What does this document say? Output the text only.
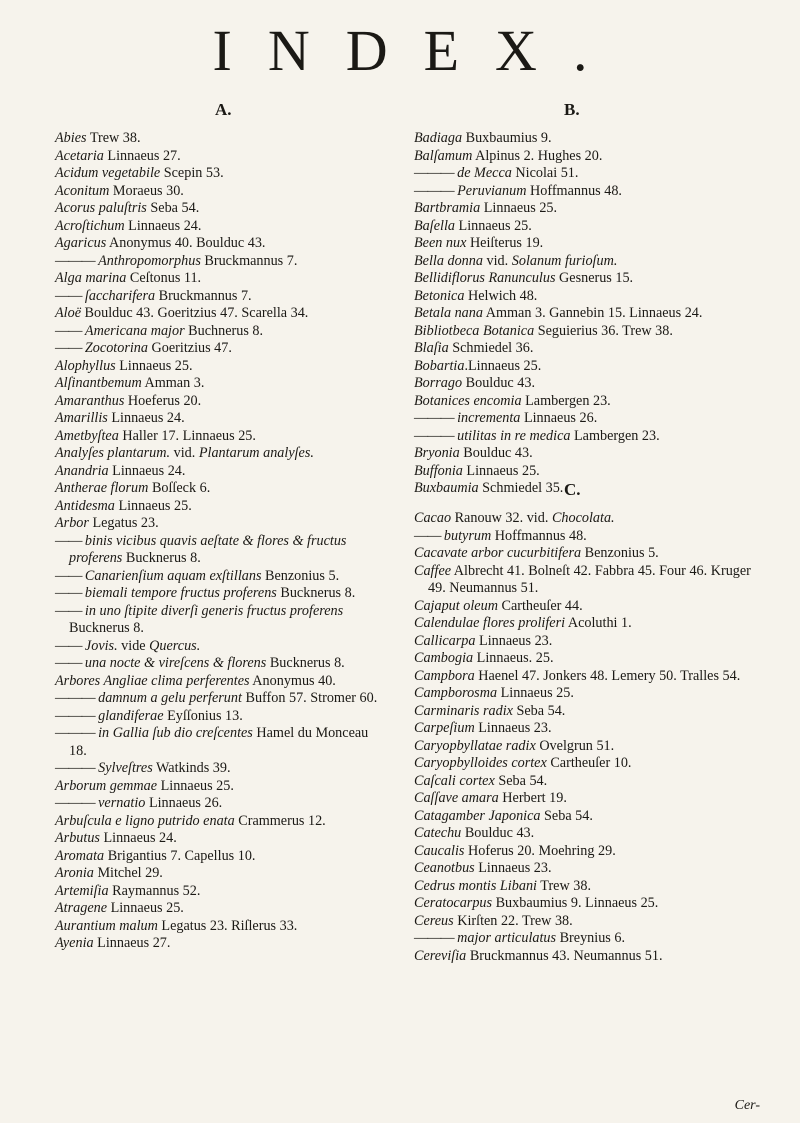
INDEX.
A.

Abies Trew 38.

Acetaria Linnaeus 27.

Acidum vegetabile Scepin 53.

Aconitum Moraeus 30.

Acorus paluſtris Seba 54.

Acroſtichum Linnaeus 24.

Agaricus Anonymus 40. Boulduc 43.

——— Anthropomorphus Bruckmannus 7.

Alga marina Ceſtonus 11.

—— ſaccharifera Bruckmannus 7.

Aloë Boulduc 43. Goeritzius 47. Scarella 34.

—— Americana major Buchnerus 8.

—— Zocotorina Goeritzius 47.

Alophyllus Linnaeus 25.

Alſinantbemum Amman 3.

Amaranthus Hoeferus 20.

Amarillis Linnaeus 24.

Ametbyſtea Haller 17. Linnaeus 25.

Analyſes plantarum. vid. Plantarum analyſes.

Anandria Linnaeus 24.

Antherae florum Boſſeck 6.

Antidesma Linnaeus 25.

Arbor Legatus 23.

—— binis vicibus quavis aeſtate & flores & fructus proferens Bucknerus 8.

—— Canarienſium aquam exſtillans Benzonius 5.

—— biemali tempore fructus proferens Bucknerus 8.

—— in uno ſtipite diverſi generis fructus proferens Bucknerus 8.

—— Jovis. vide Quercus.

—— una nocte & vireſcens & florens Bucknerus 8.

Arbores Angliae clima perferentes Anonymus 40.

——— damnum a gelu perferunt Buffon 57. Stromer 60.

——— glandiferae Eyſſonius 13.

——— in Gallia ſub dio creſcentes Hamel du Monceau 18.

——— Sylveſtres Watkinds 39.

Arborum gemmae Linnaeus 25.

——— vernatio Linnaeus 26.

Arbuſcula e ligno putrido enata Crammerus 12.

Arbutus Linnaeus 24.

Aromata Brigantius 7. Capellus 10.

Aronia Mitchel 29.

Artemiſia Raymannus 52.

Atragene Linnaeus 25.

Aurantium malum Legatus 23. Riſlerus 33.

Ayenia Linnaeus 27.

B.

Badiaga Buxbaumius 9.

Balſamum Alpinus 2. Hughes 20.

——— de Mecca Nicolai 51.

——— Peruvianum Hoffmannus 48.

Bartbramia Linnaeus 25.

Baſella Linnaeus 25.

Been nux Heiſterus 19.

Bella donna vid. Solanum furioſum.

Bellidiflorus Ranunculus Gesnerus 15.

Betonica Helwich 48.

Betala nana Amman 3. Gannebin 15. Linnaeus 24.

Bibliotbeca Botanica Seguierius 36. Trew 38.

Blaſia Schmiedel 36.

Bobartia.Linnaeus 25.

Borrago Boulduc 43.

Botanices encomia Lambergen 23.

——— incrementa Linnaeus 26.

——— utilitas in re medica Lambergen 23.

Bryonia Boulduc 43.

Buffonia Linnaeus 25.

Buxbaumia Schmiedel 35. C.

Cacao Ranouw 32. vid. Chocolata.

—— butyrum Hoffmannus 48.

Cacavate arbor cucurbitifera Benzonius 5.

Caffee Albrecht 41. Bolneſt 42. Fabbra 45. Four 46. Kruger 49. Neumannus 51.

Cajaput oleum Cartheuſer 44.

Calendulae flores proliferi Acoluthi 1.

Callicarpa Linnaeus 23.

Cambogia Linnaeus. 25.

Campbora Haenel 47. Jonkers 48. Lemery 50. Tralles 54.

Campborosma Linnaeus 25.

Carminaris radix Seba 54.

Carpeſium Linnaeus 23.

Caryopbyllatae radix Ovelgrun 51.

Caryopbylloides cortex Cartheuſer 10.

Caſcali cortex Seba 54.

Caſſave amara Herbert 19.

Catagamber Japonica Seba 54.

Catechu Boulduc 43.

Caucalis Hoferus 20. Moehring 29.

Ceanotbus Linnaeus 23.

Cedrus montis Libani Trew 38.

Ceratocarpus Buxbaumius 9. Linnaeus 25.

Cereus Kirſten 22. Trew 38.

——— major articulatus Breynius 6.

Cereviſia Bruckmannus 43. Neumannus 51.

Cer-
